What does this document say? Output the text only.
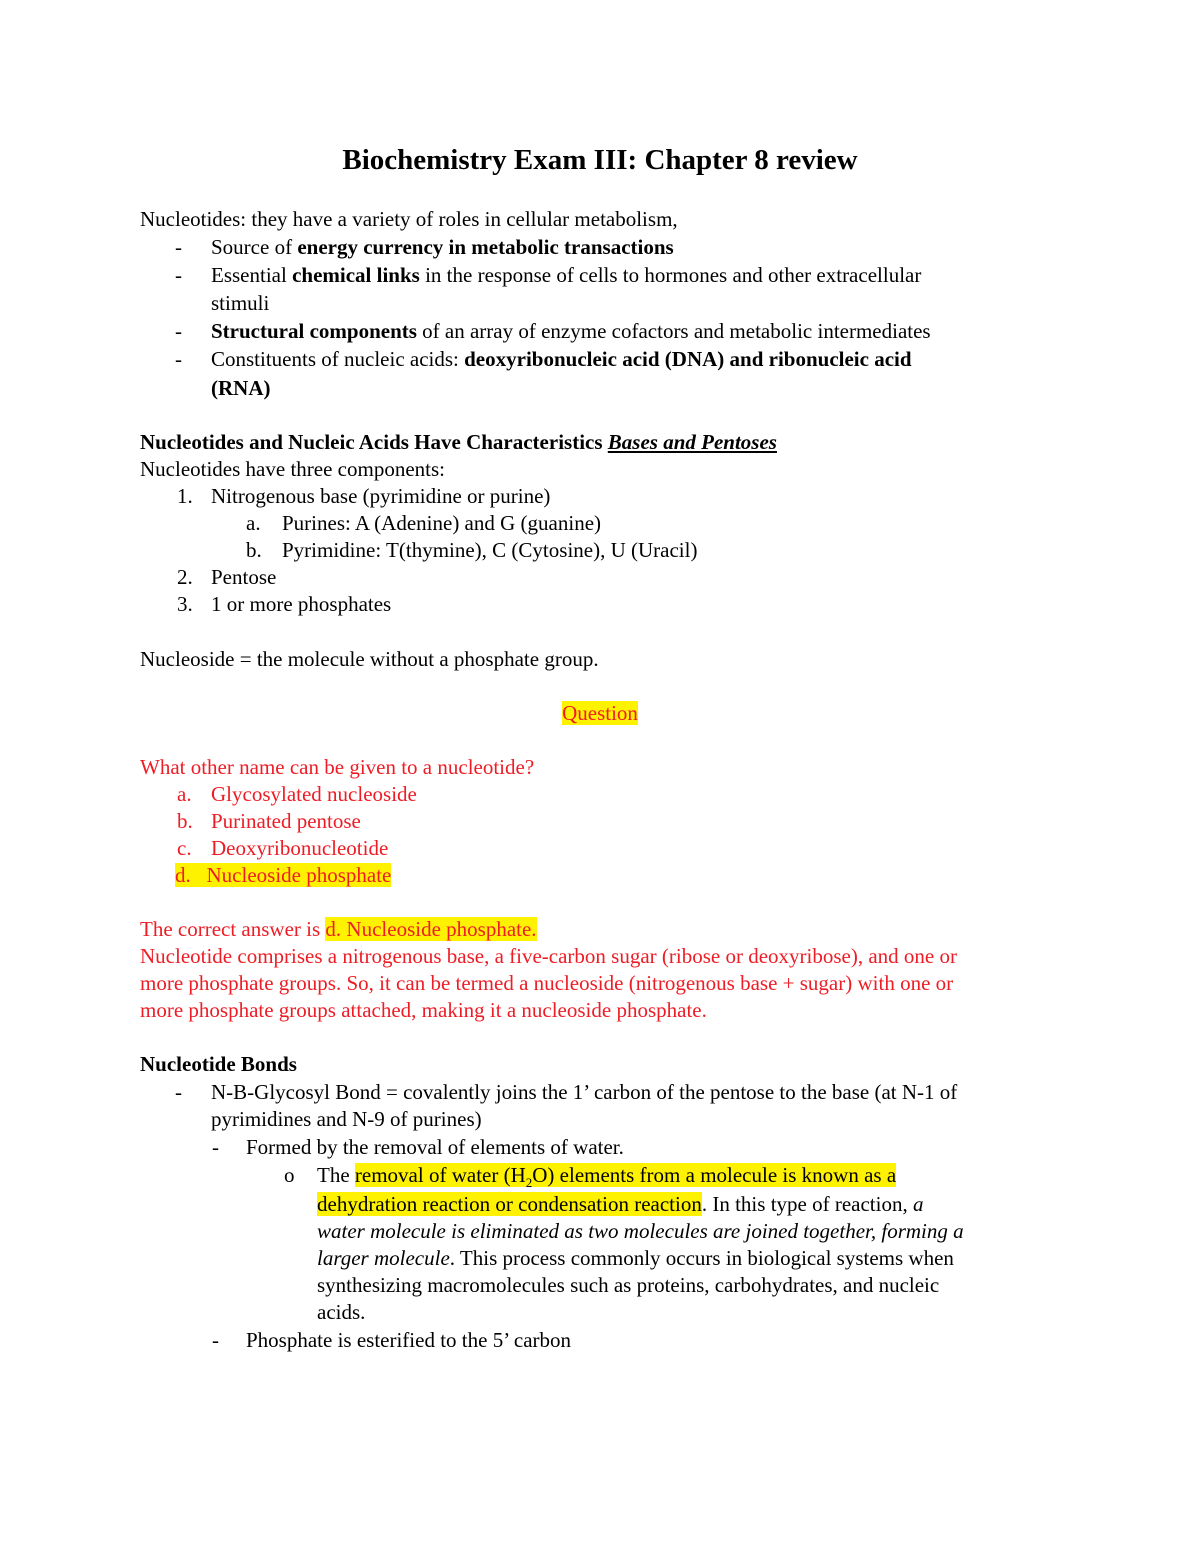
Biochemistry Exam III: Chapter 8 review
Nucleotides: they have a variety of roles in cellular metabolism,
- Source of energy currency in metabolic transactions
- Essential chemical links in the response of cells to hormones and other extracellular
stimuli
- Structural components of an array of enzyme cofactors and metabolic intermediates
- Constituents of nucleic acids: deoxyribonucleic acid (DNA) and ribonucleic acid
(RNA)
Nucleotides and Nucleic Acids Have Characteristics Bases and Pentoses
Nucleotides have three components:
1. Nitrogenous base (pyrimidine or purine)
a. Purines: A (Adenine) and G (guanine)
b. Pyrimidine: T(thymine), C (Cytosine), U (Uracil)
2. Pentose
3. 1 or more phosphates
Nucleoside = the molecule without a phosphate group.
Question
What other name can be given to a nucleotide?
a. Glycosylated nucleoside
b. Purinated pentose
c. Deoxyribonucleotide
d. Nucleoside phosphate
The correct answer is d. Nucleoside phosphate.
Nucleotide comprises a nitrogenous base, a five-carbon sugar (ribose or deoxyribose), and one or
more phosphate groups. So, it can be termed a nucleoside (nitrogenous base + sugar) with one or
more phosphate groups attached, making it a nucleoside phosphate.
Nucleotide Bonds
- N-B-Glycosyl Bond = covalently joins the 1’ carbon of the pentose to the base (at N-1 of
pyrimidines and N-9 of purines)
- Formed by the removal of elements of water.
o The removal of water $(H_2O)$ elements from a molecule is known as a
dehydration reaction or condensation reaction. In this type of reaction, a
water molecule is eliminated as two molecules are joined together, forming a
larger molecule. This process commonly occurs in biological systems when
synthesizing macromolecules such as proteins, carbohydrates, and nucleic
acids.
- Phosphate is esterified to the 5’ carbon
